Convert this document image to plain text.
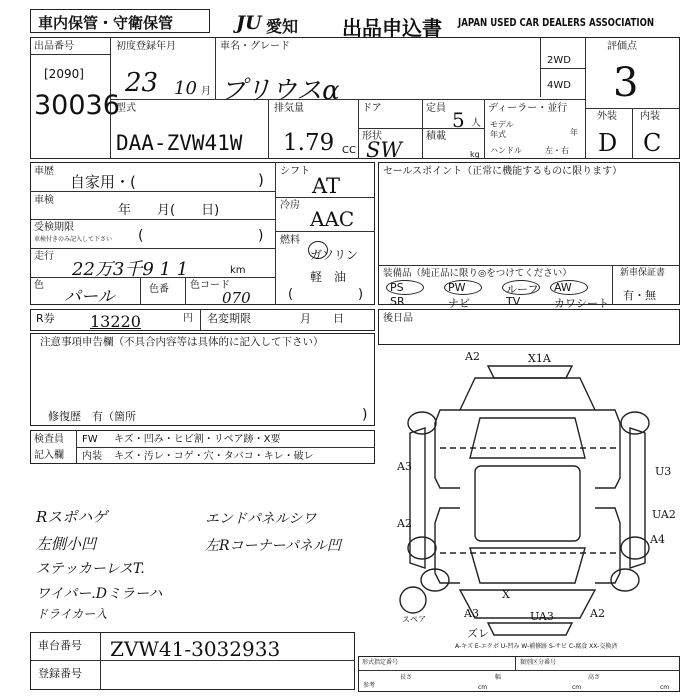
車内保管・守衛保管	JU 愛知 出品申込書 JAPAN USED CAR DEALERS ASSOCIATION
出品番号
[2090]
30036
初度登録年月
23 10 月
車名・グレード
プリウスα
2WD
4WD
評価点
3
外装 内装
D C
型式
DAA-ZVW41W
排気量
1.79 CC
ドア
形状
SW
定員 5 人
積載
kg
ディーラー・並行
モデル
年式	年
ハンドル	左・右
車歴
自家用・(	)
車検
年　　月(　　日)
受検期限
車検付きのみ記入して下さい (	)
走行
22万3千9 1 1	km
色
パール	色番 色コード
070
シフト
AT
冷房
AAC
燃料
ガソリン
軽　油
(	)
セールスポイント（正常に機能するものに限ります）
装備品（純正品に限り◎をつけてください）	新車保証書
有・無
PS	PW	ルーフ AW
SR	ナビ	TV	カワシート
R券 13220	円 名変期限	月　　日	後日品
注意事項申告欄（不具合内容等は具体的に記入して下さい）
修復歴　有（箇所	)
検査員
記入欄
FW キズ・凹み・ヒビ割・リペア跡・X要
内装 キズ・汚レ・コゲ・穴・タバコ・キレ・破レ
Rスポハゲ
左側小凹
ステッカーレスT.
ワイパー.Dミラーハ
ドライカー入
エンドパネルシワ
左Rコーナーパネル凹
A2	X1A
A3	U3
A2
UA2
A4
A3	UA3	A2
X
ズレ
スペア
A-キズ E-エクボ U-凹み W-補修跡 S-サビ C-腐食 XX-交換済
車台番号 ZVW41-3032933
登録番号
形式指定番号	類別区分番号
参考
長さ
cm
幅
cm
高さ
cm
